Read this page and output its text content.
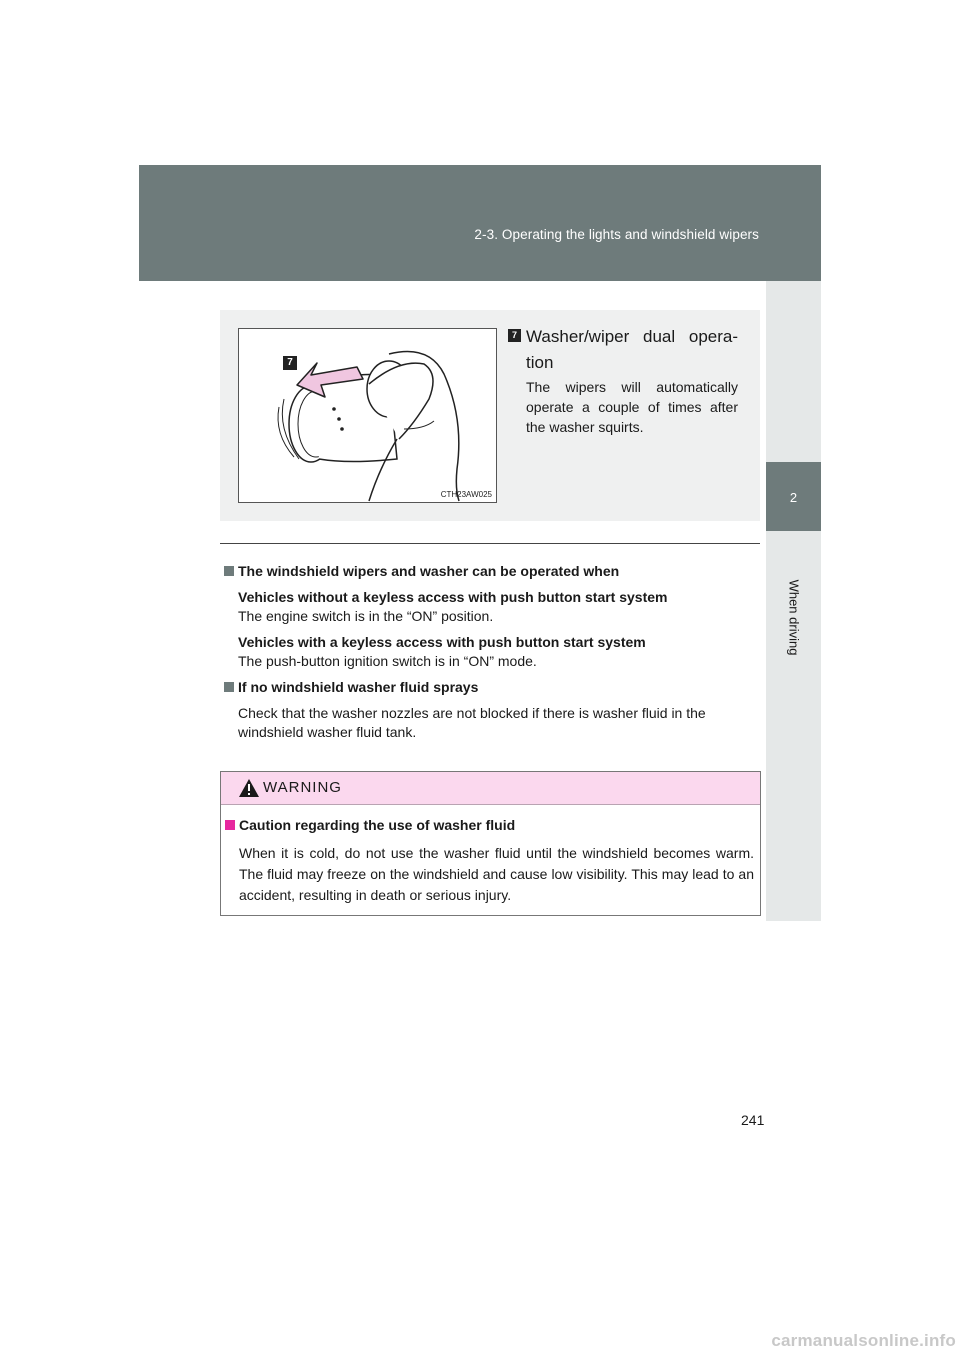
2-3. Operating the lights and windshield wipers
2
When driving
7
CTH23AW025
7 Washer/wiper dual opera-tion
The wipers will automatically operate a couple of times after the washer squirts.
The windshield wipers and washer can be operated when
Vehicles without a keyless access with push button start system
The engine switch is in the “ON” position.
Vehicles with a keyless access with push button start system
The push-button ignition switch is in “ON” mode.
If no windshield washer fluid sprays
Check that the washer nozzles are not blocked if there is washer fluid in the windshield washer fluid tank.
WARNING
Caution regarding the use of washer fluid
When it is cold, do not use the washer fluid until the windshield becomes warm. The fluid may freeze on the windshield and cause low visibility. This may lead to an accident, resulting in death or serious injury.
241
carmanualsonline.info
